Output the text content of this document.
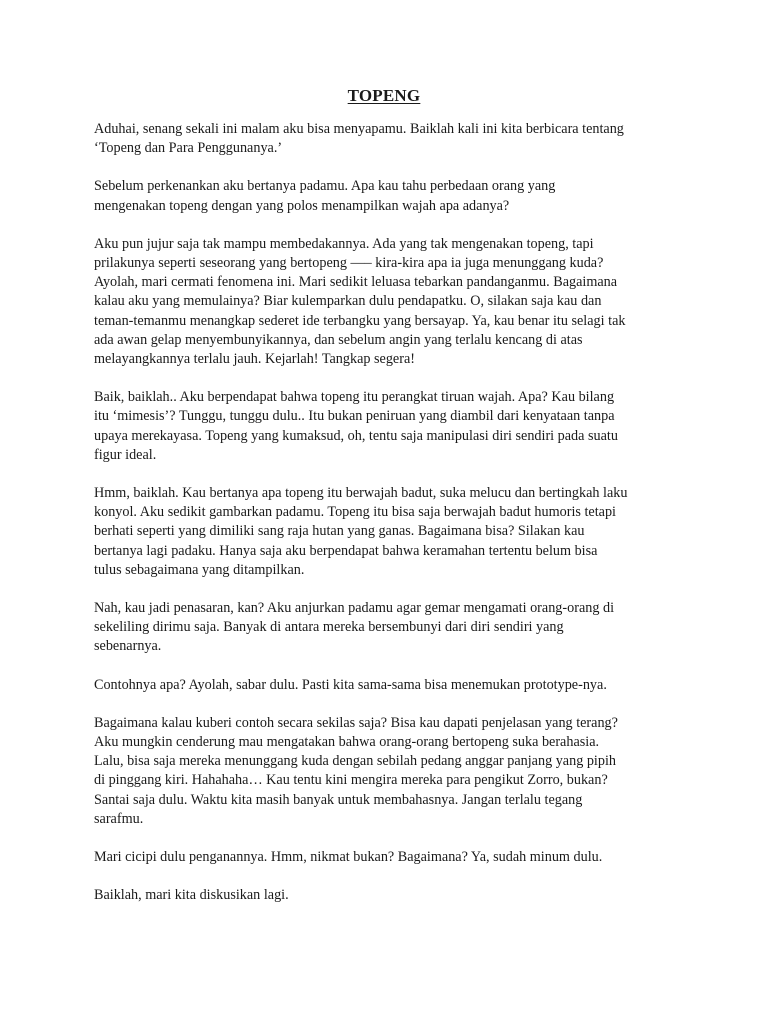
TOPENG

Aduhai, senang sekali ini malam aku bisa menyapamu. Baiklah kali ini kita berbicara tentang
‘Topeng dan Para Penggunanya.’

Sebelum perkenankan aku bertanya padamu. Apa kau tahu perbedaan orang yang
mengenakan topeng dengan yang polos menampilkan wajah apa adanya?

Aku pun jujur saja tak mampu membedakannya. Ada yang tak mengenakan topeng, tapi
prilakunya seperti seseorang yang bertopeng —– kira-kira apa ia juga menunggang kuda?
Ayolah, mari cermati fenomena ini. Mari sedikit leluasa tebarkan pandanganmu. Bagaimana
kalau aku yang memulainya? Biar kulemparkan dulu pendapatku. O, silakan saja kau dan
teman-temanmu menangkap sederet ide terbangku yang bersayap. Ya, kau benar itu selagi tak
ada awan gelap menyembunyikannya, dan sebelum angin yang terlalu kencang di atas
melayangkannya terlalu jauh. Kejarlah! Tangkap segera!

Baik, baiklah.. Aku berpendapat bahwa topeng itu perangkat tiruan wajah. Apa? Kau bilang
itu ‘mimesis’? Tunggu, tunggu dulu.. Itu bukan peniruan yang diambil dari kenyataan tanpa
upaya merekayasa. Topeng yang kumaksud, oh, tentu saja manipulasi diri sendiri pada suatu
figur ideal.

Hmm, baiklah. Kau bertanya apa topeng itu berwajah badut, suka melucu dan bertingkah laku
konyol. Aku sedikit gambarkan padamu. Topeng itu bisa saja berwajah badut humoris tetapi
berhati seperti yang dimiliki sang raja hutan yang ganas. Bagaimana bisa? Silakan kau
bertanya lagi padaku. Hanya saja aku berpendapat bahwa keramahan tertentu belum bisa
tulus sebagaimana yang ditampilkan.

Nah, kau jadi penasaran, kan? Aku anjurkan padamu agar gemar mengamati orang-orang di
sekeliling dirimu saja. Banyak di antara mereka bersembunyi dari diri sendiri yang
sebenarnya.

Contohnya apa? Ayolah, sabar dulu. Pasti kita sama-sama bisa menemukan prototype-nya.

Bagaimana kalau kuberi contoh secara sekilas saja? Bisa kau dapati penjelasan yang terang?
Aku mungkin cenderung mau mengatakan bahwa orang-orang bertopeng suka berahasia.
Lalu, bisa saja mereka menunggang kuda dengan sebilah pedang anggar panjang yang pipih
di pinggang kiri. Hahahaha… Kau tentu kini mengira mereka para pengikut Zorro, bukan?
Santai saja dulu. Waktu kita masih banyak untuk membahasnya. Jangan terlalu tegang
sarafmu.

Mari cicipi dulu penganannya. Hmm, nikmat bukan? Bagaimana? Ya, sudah minum dulu.

Baiklah, mari kita diskusikan lagi.
